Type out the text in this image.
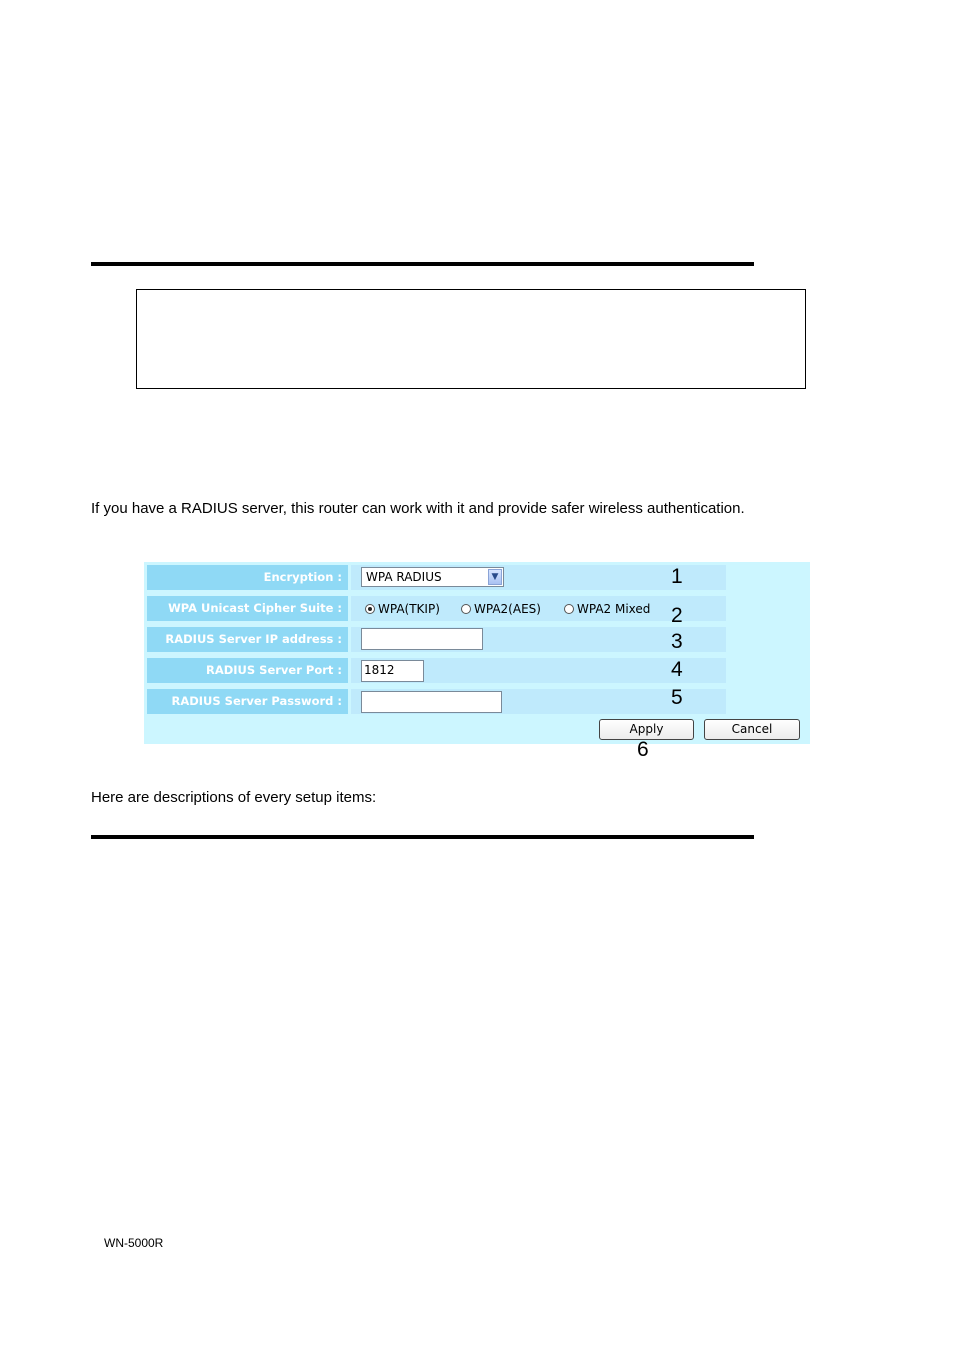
If you have a RADIUS server, this router can work with it and provide safer wireless authentication.
Encryption :	WPA RADIUS	▼
WPA Unicast Cipher Suite :	WPA(TKIP)	WPA2(AES)	WPA2 Mixed
RADIUS Server IP address :
RADIUS Server Port :	1812
RADIUS Server Password :
Apply	Cancel
1
2
3
4
5
6
Here are descriptions of every setup items:
WN-5000R
